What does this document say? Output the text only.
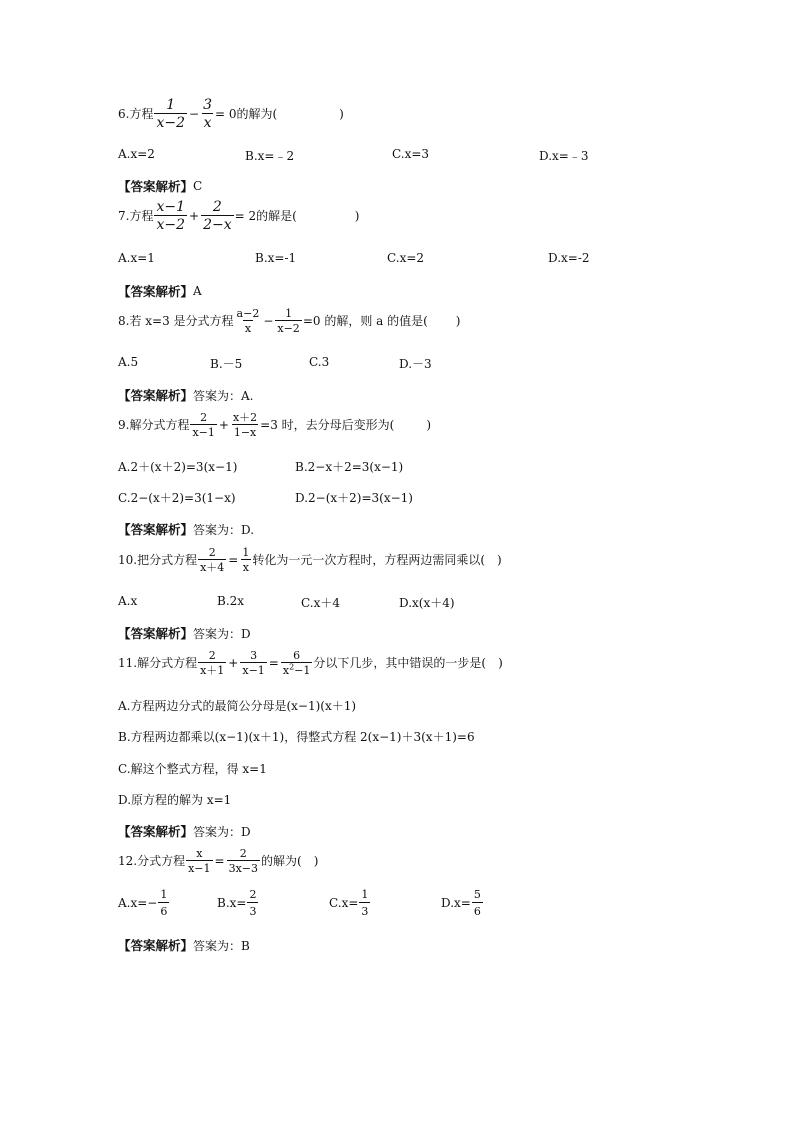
6.方程 $\frac{1}{x-2} - \frac{3}{x} = 0$的解为(	)
A.x=2	B.x=﹣2	C.x=3	D.x=﹣3
【答案解析】 C
7.方程 $\frac{x-1}{x-2} + \frac{2}{2-x} = 2$的解是(	)
A.x=1	B.x=-1	C.x=2	D.x=-2
【答案解析】 A
8.若 x=3 是分式方程 $\frac{a-2}{x} - \frac{1}{x-2} =0$ 的解，则 a 的值是( )
A.5	B.－5	C.3	D.－3
【答案解析】 答案为：A.
9.解分式方程 $\frac{2}{x-1} + \frac{x+2}{1-x} =3$ 时，去分母后变形为(	)
A.2＋(x＋2)=3(x−1)	B.2−x＋2=3(x−1)
C.2−(x＋2)=3(1−x)	D.2−(x＋2)=3(x−1)
【答案解析】 答案为：D.
10.把分式方程 $\frac{2}{x+4} = \frac{1}{x}$ 转化为一元一次方程时，方程两边需同乘以( )
A.x	B.2x	C.x＋4	D.x(x＋4)
【答案解析】 答案为：D
11.解分式方程 $\frac{2}{x+1} + \frac{3}{x-1} = \frac{6}{x^2-1}$ 分以下几步，其中错误的一步是( )
A.方程两边分式的最简公分母是(x−1)(x＋1)
B.方程两边都乘以(x−1)(x＋1)，得整式方程 2(x−1)＋3(x＋1)=6
C.解这个整式方程，得 x=1
D.原方程的解为 x=1
【答案解析】 答案为：D
12.分式方程 $\frac{x}{x-1} = \frac{2}{3x-3}$ 的解为( )
$A.x=- \frac{1}{6}$	$B.x= \frac{2}{3}$	$C.x= \frac{1}{3}$	$D.x= \frac{5}{6}$
【答案解析】 答案为：B
